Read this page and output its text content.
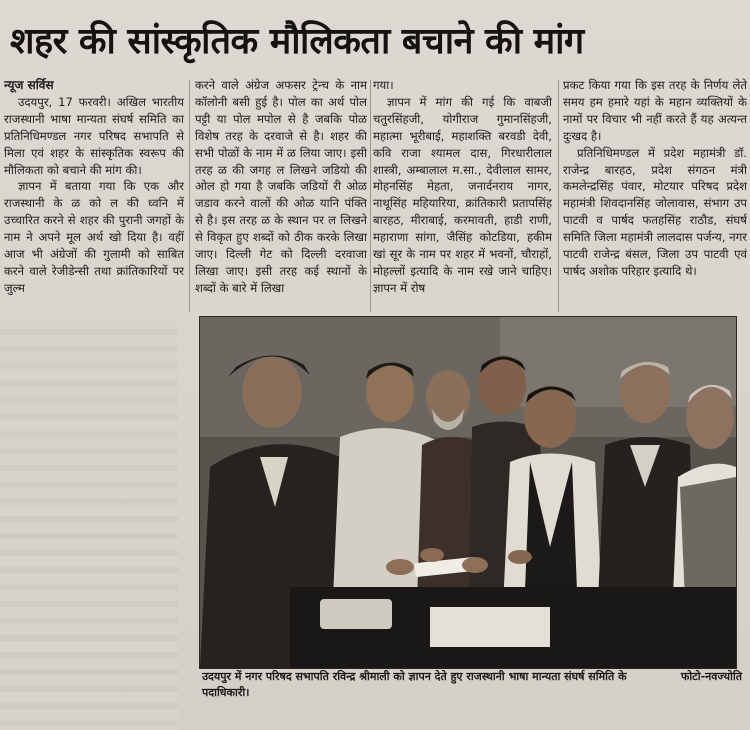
शहर की सांस्कृतिक मौलिकता बचाने की मांग

न्यूज सर्विस

उदयपुर, 17 फरवरी। अखिल भारतीय राजस्थानी भाषा मान्यता संघर्ष समिति का प्रतिनिधिमण्डल नगर परिषद सभापति से मिला एवं शहर के सांस्कृतिक स्वरूप की मौलिकता को बचाने की मांग की।

ज्ञापन में बताया गया कि एक और राजस्थानी के ळ को ल की ध्वनि में उच्चारित करने से शहर की पुरानी जगहों के नाम ने अपने मूल अर्थ खो दिया है। वहीं आज भी अंग्रेजों की गुलामी को साबित करने वाले रेजीडेन्सी तथा क्रांतिकारियों पर जुल्म

करने वाले अंग्रेज अफसर ट्रेन्च के नाम कॉलोनी बसी हुई है। पोल का अर्थ पोल पट्टी या पोल मपोल से है जबकि पोळ विशेष तरह के दरवाजे से है। शहर की सभी पोळों के नाम में ळ लिया जाए। इसी तरह ळ की जगह ल लिखने जडियो की ओल हो गया है जबकि जडियों री ओळ जडाव करने वालों की ओळ यानि पंक्ति से है। इस तरह ळ के स्थान पर ल लिखने से विकृत हुए शब्दों को ठीक करके लिखा जाए। दिल्ली गेट को दिल्ली दरवाजा लिखा जाए। इसी तरह कई स्थानों के शब्दों के बारे में लिखा

गया।

ज्ञापन में मांग की गई कि वाबजी चतुरसिंहजी, योगीराज गुमानसिंहजी, महात्मा भूरीबाई, महाशक्ति बरवडी देवी, कवि राजा श्यामल दास, गिरधारीलाल शास्त्री, अम्बालाल म.सा., देवीलाल सामर, मोहनसिंह मेहता, जनार्दनराय नागर, नाथूसिंह महियारिया, क्रांतिकारी प्रतापसिंह बारहठ, मीराबाई, करमावती, हाडी राणी, महाराणा सांगा, जैसिंह कोटडिया, हकीम खां सूर के नाम पर शहर में भवनों, चौराहों, मोहल्लों इत्यादि के नाम रखे जाने चाहिए। ज्ञापन में रोष

प्रकट किया गया कि इस तरह के निर्णय लेते समय हम हमारे यहां के महान व्यक्तियों के नामों पर विचार भी नहीं करते हैं यह अत्यन्त दुःखद है।

प्रतिनिधिमण्डल में प्रदेश महामंत्री डॉ. राजेन्द्र बारहठ, प्रदेश संगठन मंत्री कमलेन्द्रसिंह पंवार, मोटयार परिषद प्रदेश महामंत्री शिवदानसिंह जोलावास, संभाग उप पाटवी व पार्षद फतहसिंह राठौड, संघर्ष समिति जिला महामंत्री लालदास पर्जन्य, नगर पाटवी राजेन्द्र बंसल, जिला उप पाटवी एवं पार्षद अशोक परिहार इत्यादि थे।

फोटो-नवज्योति
उदयपुर में नगर परिषद सभापति रविन्द्र श्रीमाली को ज्ञापन देते हुए राजस्थानी भाषा मान्यता संघर्ष समिति के पदाधिकारी।
